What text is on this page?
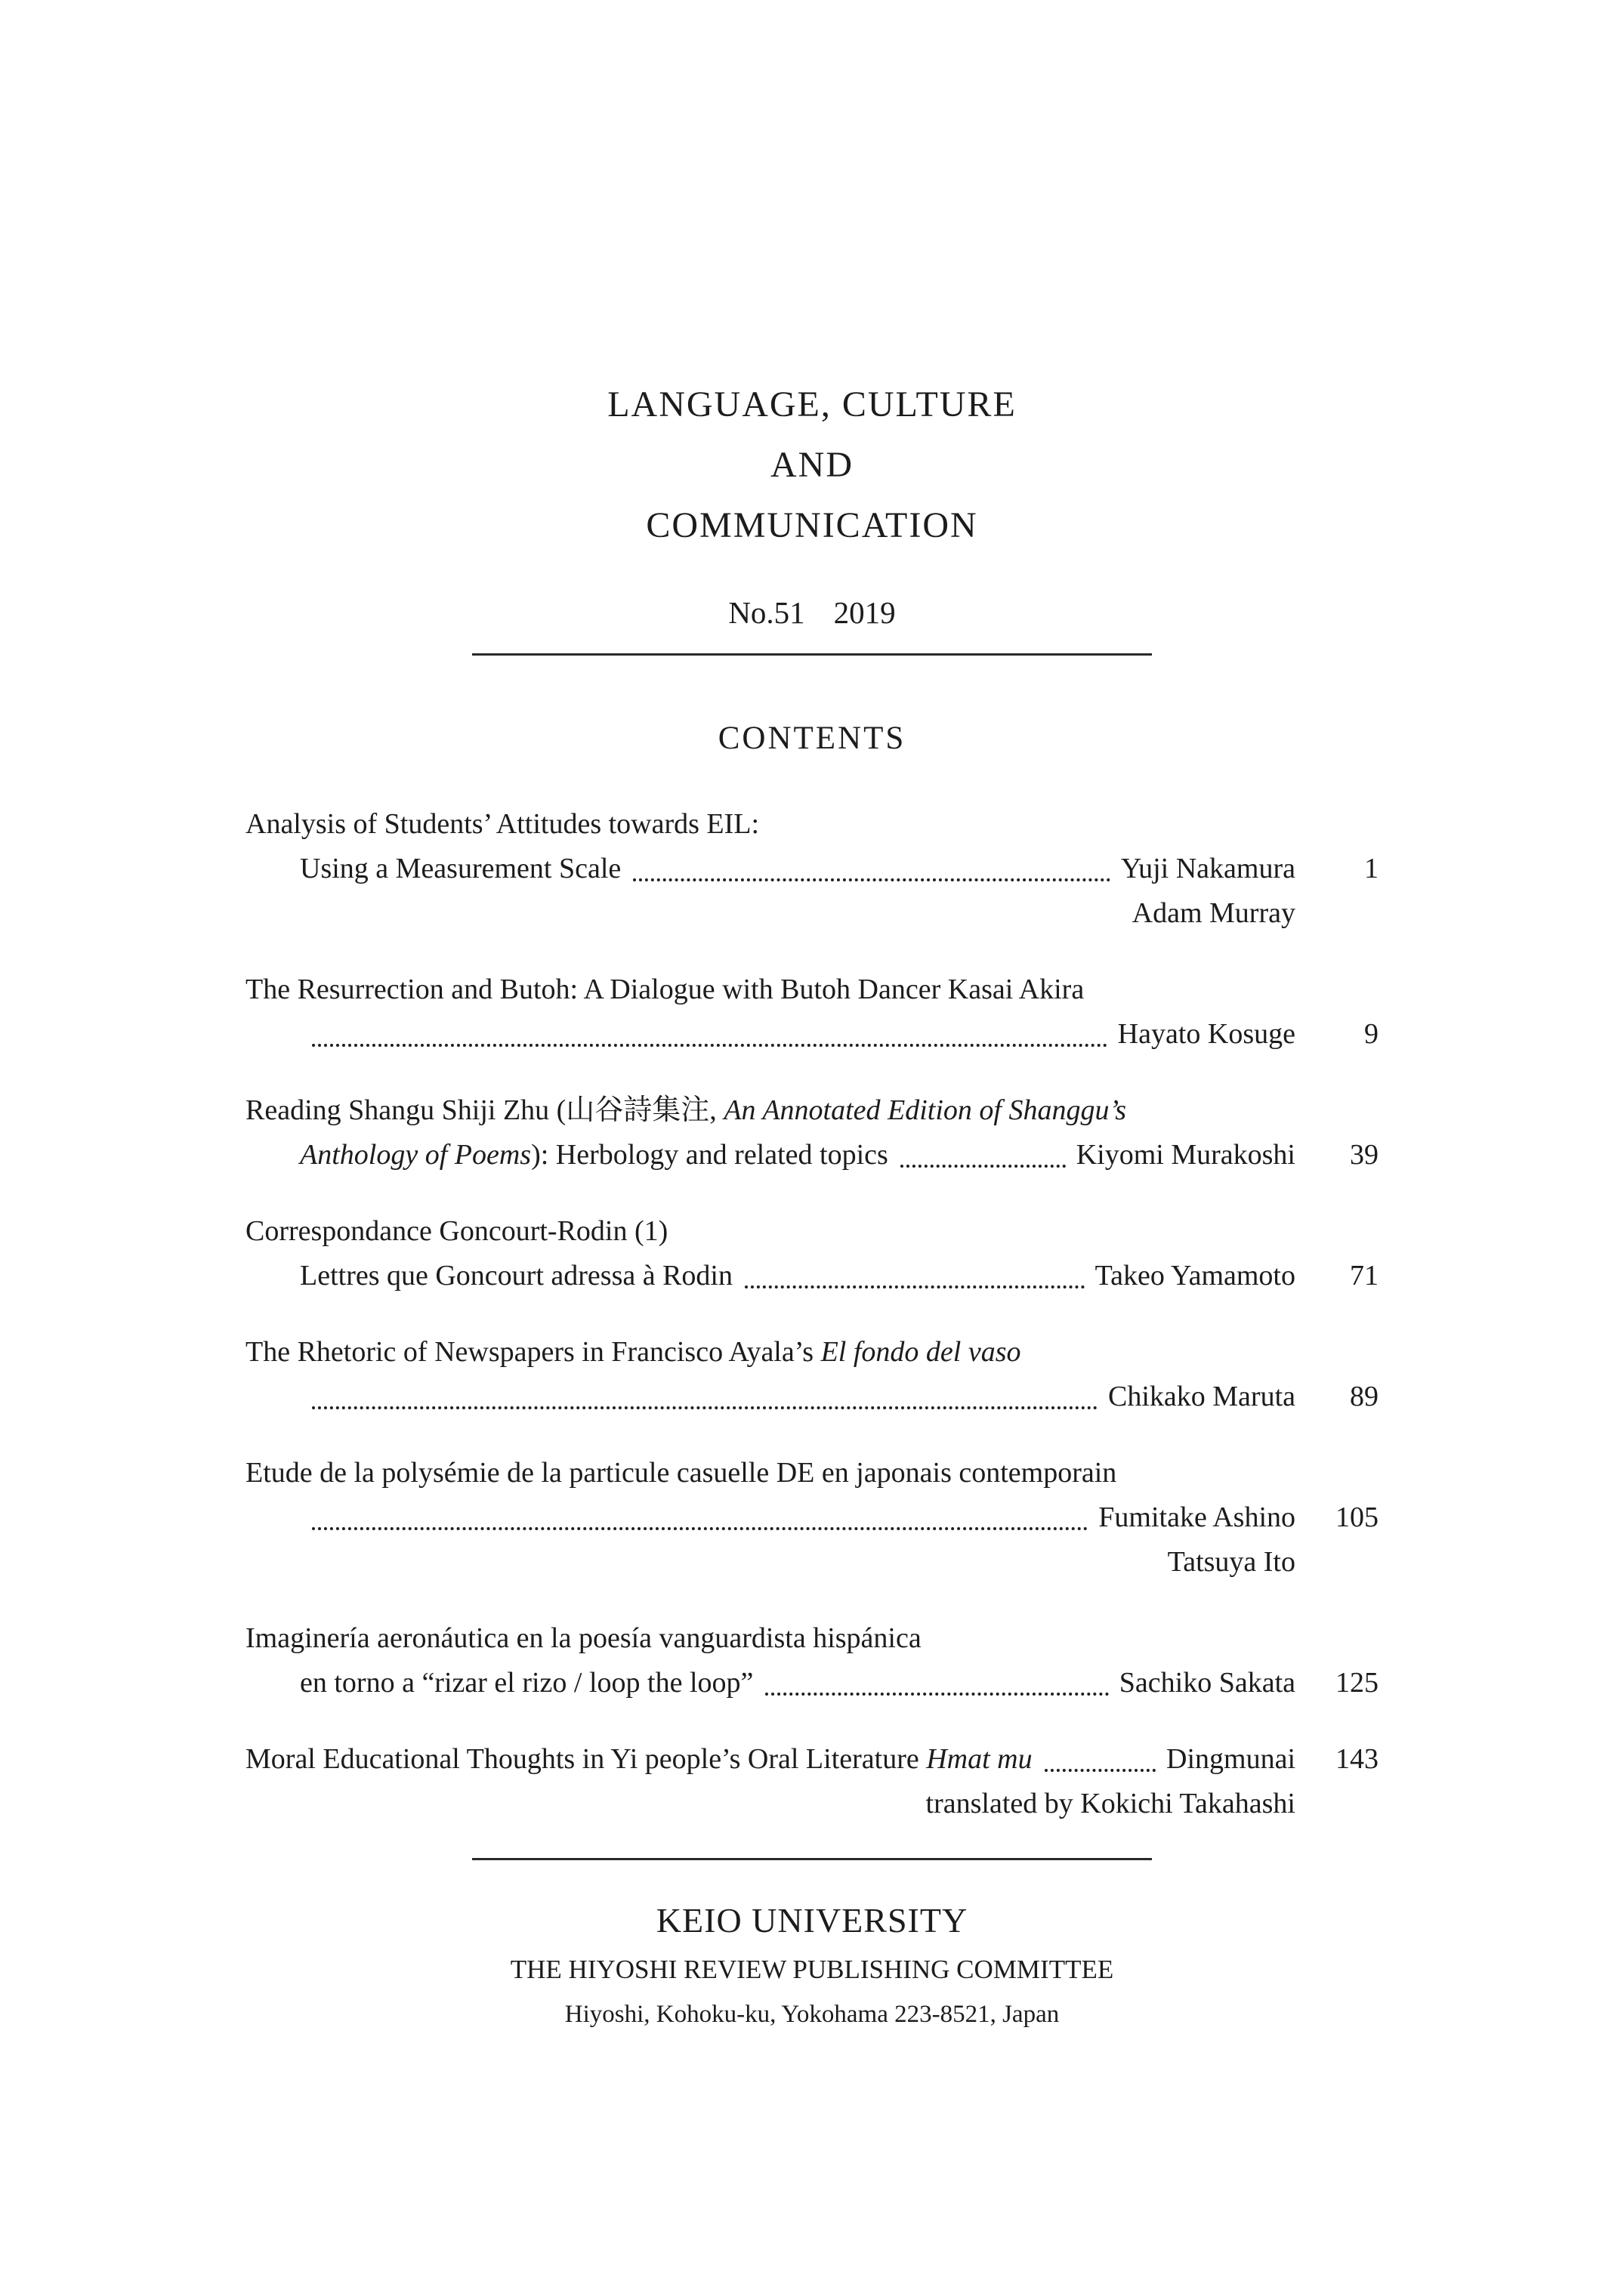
LANGUAGE, CULTURE
AND
COMMUNICATION
No.51 2019
CONTENTS
Analysis of Students’ Attitudes towards EIL:
Using a Measurement Scale	Yuji Nakamura	1
Adam Murray
The Resurrection and Butoh: A Dialogue with Butoh Dancer Kasai Akira
Hayato Kosuge	9
Reading Shangu Shiji Zhu (山谷詩集注, An Annotated Edition of Shanggu’s
Anthology of Poems): Herbology and related topics	Kiyomi Murakoshi	39
Correspondance Goncourt-Rodin (1)
Lettres que Goncourt adressa à Rodin	Takeo Yamamoto	71
The Rhetoric of Newspapers in Francisco Ayala’s El fondo del vaso
Chikako Maruta	89
Etude de la polysémie de la particule casuelle DE en japonais contemporain
Fumitake Ashino	105
Tatsuya Ito
Imaginería aeronáutica en la poesía vanguardista hispánica
en torno a “rizar el rizo / loop the loop”	Sachiko Sakata	125
Moral Educational Thoughts in Yi people’s Oral Literature Hmat mu	Dingmunai	143
translated by Kokichi Takahashi
KEIO UNIVERSITY
THE HIYOSHI REVIEW PUBLISHING COMMITTEE
Hiyoshi, Kohoku-ku, Yokohama 223-8521, Japan
